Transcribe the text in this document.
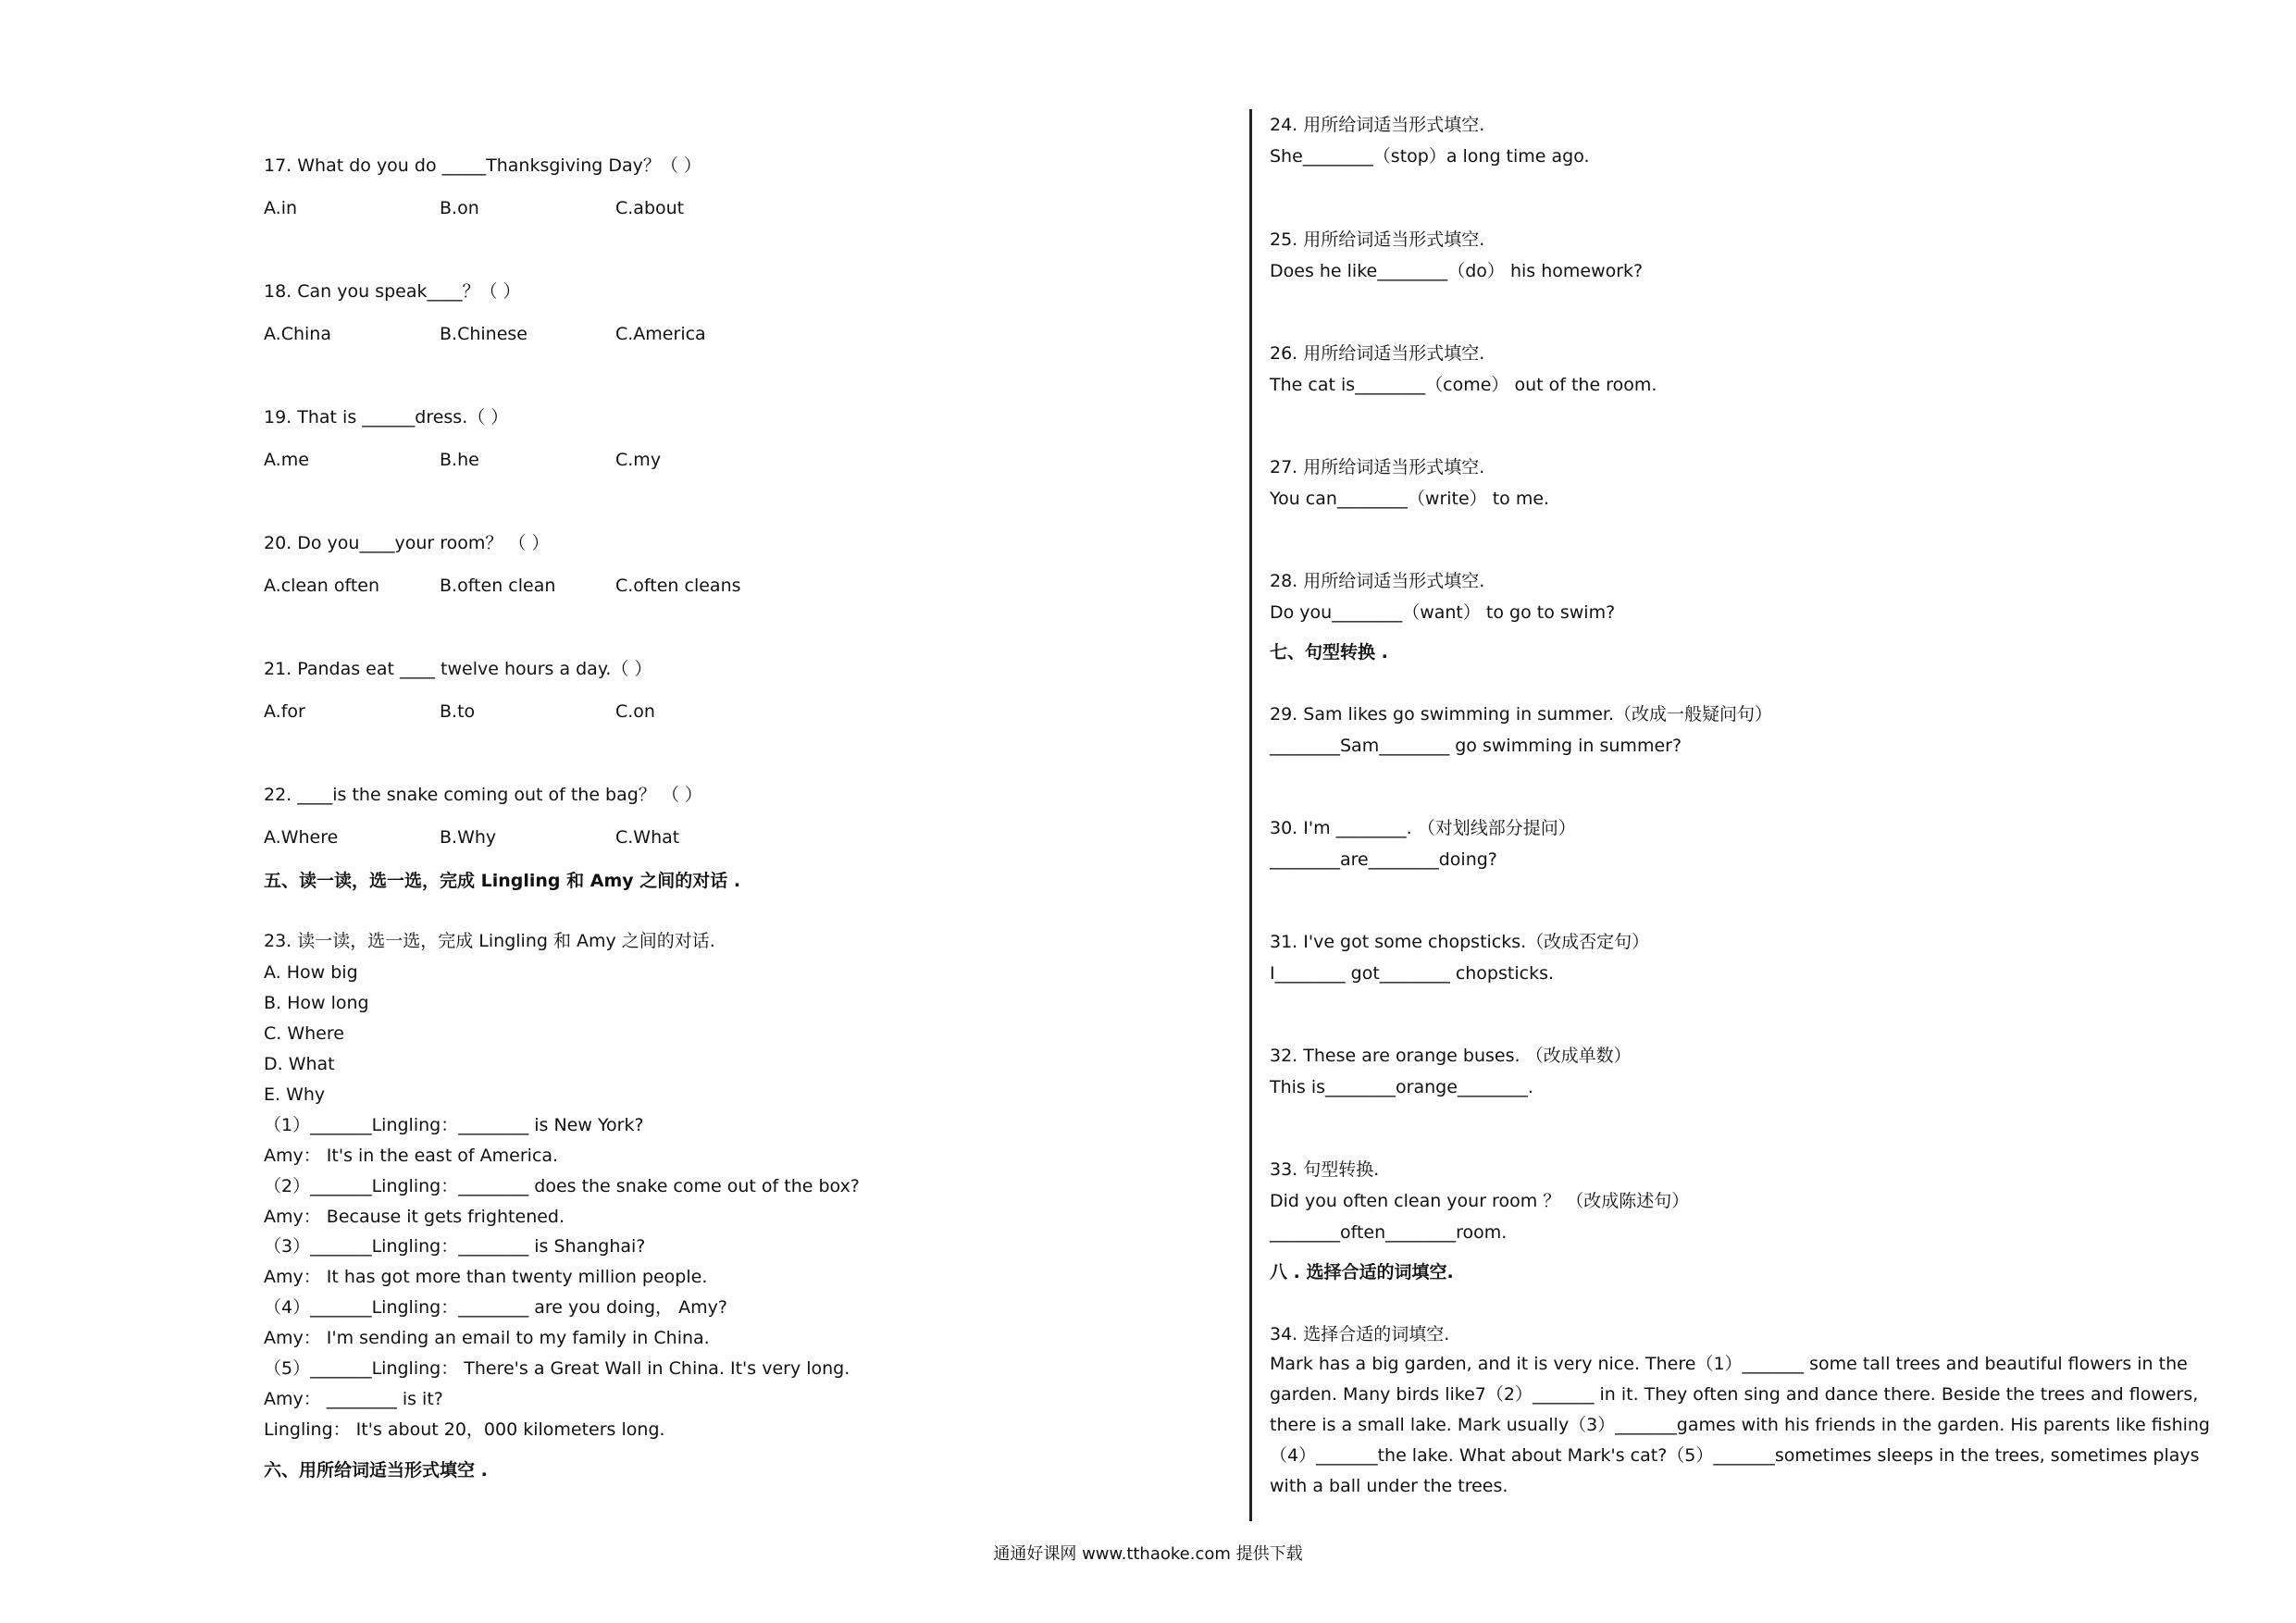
17. What do you do _____Thanksgiving Day？（ ）
A.in	B.on	C.about
18. Can you speak____？（ ）
A.China	B.Chinese	C.America
19. That is ______dress.（ ）
A.me	B.he	C.my
20. Do you____your room？ （ ）
A.clean often	B.often clean	C.often cleans
21. Pandas eat ____ twelve hours a day.（ ）
A.for	B.to	C.on
22. ____is the snake coming out of the bag？ （ ）
A.Where	B.Why	C.What
五、读一读，选一选，完成 Lingling 和 Amy 之间的对话 .
23. 读一读，选一选，完成 Lingling 和 Amy 之间的对话.
A. How big
B. How long
C. Where
D. What
E. Why
（1）_______Lingling：________ is New York?
Amy： It's in the east of America.
（2）_______Lingling：________ does the snake come out of the box?
Amy： Because it gets frightened.
（3）_______Lingling：________ is Shanghai?
Amy： It has got more than twenty million people.
（4）_______Lingling：________ are you doing， Amy?
Amy： I'm sending an email to my family in China.
（5）_______Lingling： There's a Great Wall in China. It's very long.
Amy： ________ is it?
Lingling： It's about 20，000 kilometers long.
六、用所给词适当形式填空 .
24. 用所给词适当形式填空.
She________（stop）a long time ago.
25. 用所给词适当形式填空.
Does he like________（do） his homework?
26. 用所给词适当形式填空.
The cat is________（come） out of the room.
27. 用所给词适当形式填空.
You can________（write） to me.
28. 用所给词适当形式填空.
Do you________（want） to go to swim?
七、句型转换 .
29. Sam likes go swimming in summer.（改成一般疑问句）
________Sam________ go swimming in summer?
30. I'm ________. （对划线部分提问）
________are________doing?
31. I've got some chopsticks.（改成否定句）
I________ got________ chopsticks.
32. These are orange buses. （改成单数）
This is________orange________.
33. 句型转换.
Did you often clean your room ？ （改成陈述句）
________often________room.
八 . 选择合适的词填空.
34. 选择合适的词填空.
Mark has a big garden, and it is very nice. There（1）_______ some tall trees and beautiful flowers in the garden. Many birds like7（2）_______ in it. They often sing and dance there. Beside the trees and flowers, there is a small lake. Mark usually（3）_______games with his friends in the garden. His parents like fishing（4）_______the lake. What about Mark's cat?（5）_______sometimes sleeps in the trees, sometimes plays with a ball under the trees.
通通好课网 www.tthaoke.com 提供下载
